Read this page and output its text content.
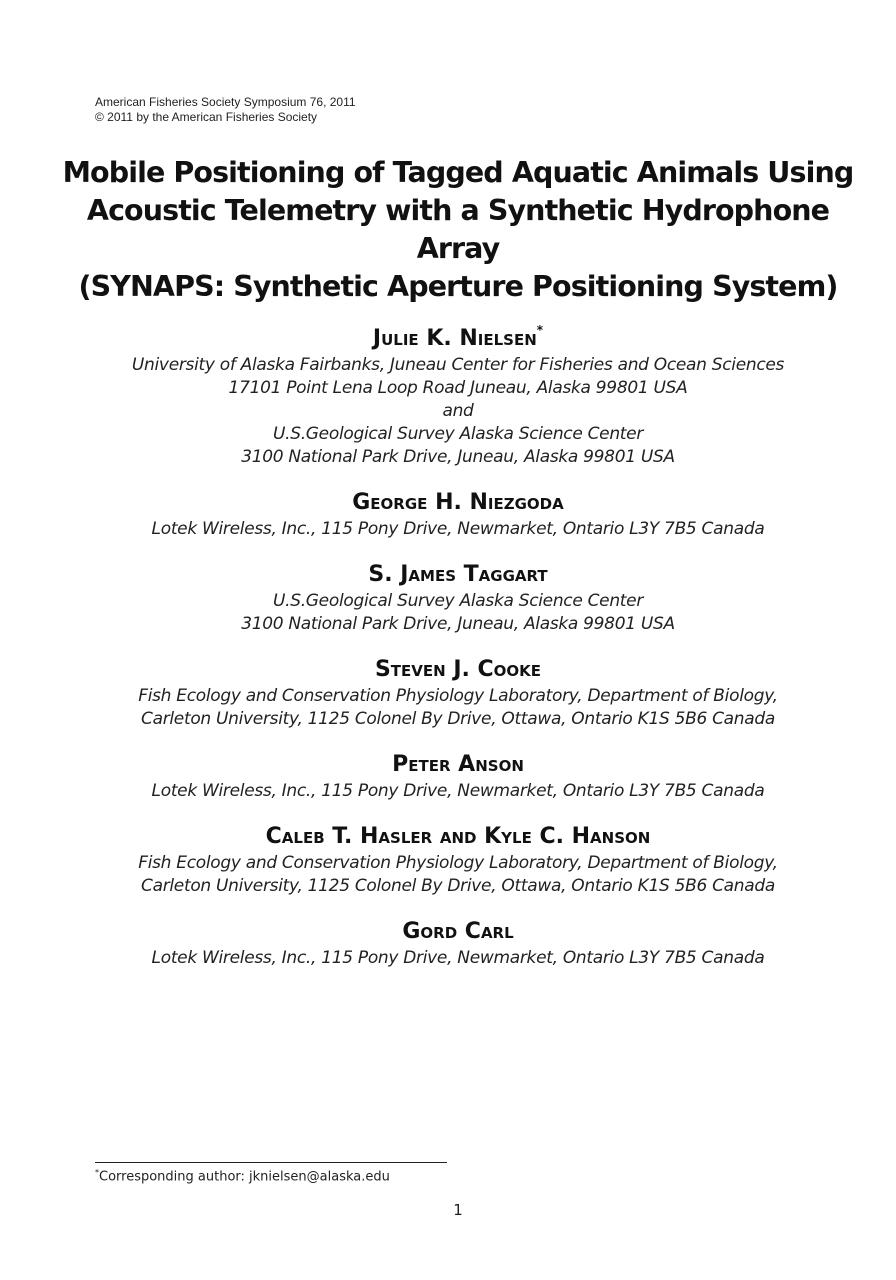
American Fisheries Society Symposium 76, 2011
© 2011 by the American Fisheries Society
Mobile Positioning of Tagged Aquatic Animals Using
Acoustic Telemetry with a Synthetic Hydrophone Array
(SYNAPS: Synthetic Aperture Positioning System)
Julie K. Nielsen*
University of Alaska Fairbanks, Juneau Center for Fisheries and Ocean Sciences
17101 Point Lena Loop Road Juneau, Alaska 99801 USA
and
U.S.Geological Survey Alaska Science Center
3100 National Park Drive, Juneau, Alaska 99801 USA
George H. Niezgoda
Lotek Wireless, Inc., 115 Pony Drive, Newmarket, Ontario L3Y 7B5 Canada
S. James Taggart
U.S.Geological Survey Alaska Science Center
3100 National Park Drive, Juneau, Alaska 99801 USA
Steven J. Cooke
Fish Ecology and Conservation Physiology Laboratory, Department of Biology,
Carleton University, 1125 Colonel By Drive, Ottawa, Ontario K1S 5B6 Canada
Peter Anson
Lotek Wireless, Inc., 115 Pony Drive, Newmarket, Ontario L3Y 7B5 Canada
Caleb T. Hasler and Kyle C. Hanson
Fish Ecology and Conservation Physiology Laboratory, Department of Biology,
Carleton University, 1125 Colonel By Drive, Ottawa, Ontario K1S 5B6 Canada
Gord Carl
Lotek Wireless, Inc., 115 Pony Drive, Newmarket, Ontario L3Y 7B5 Canada
*Corresponding author: jknielsen@alaska.edu
1
